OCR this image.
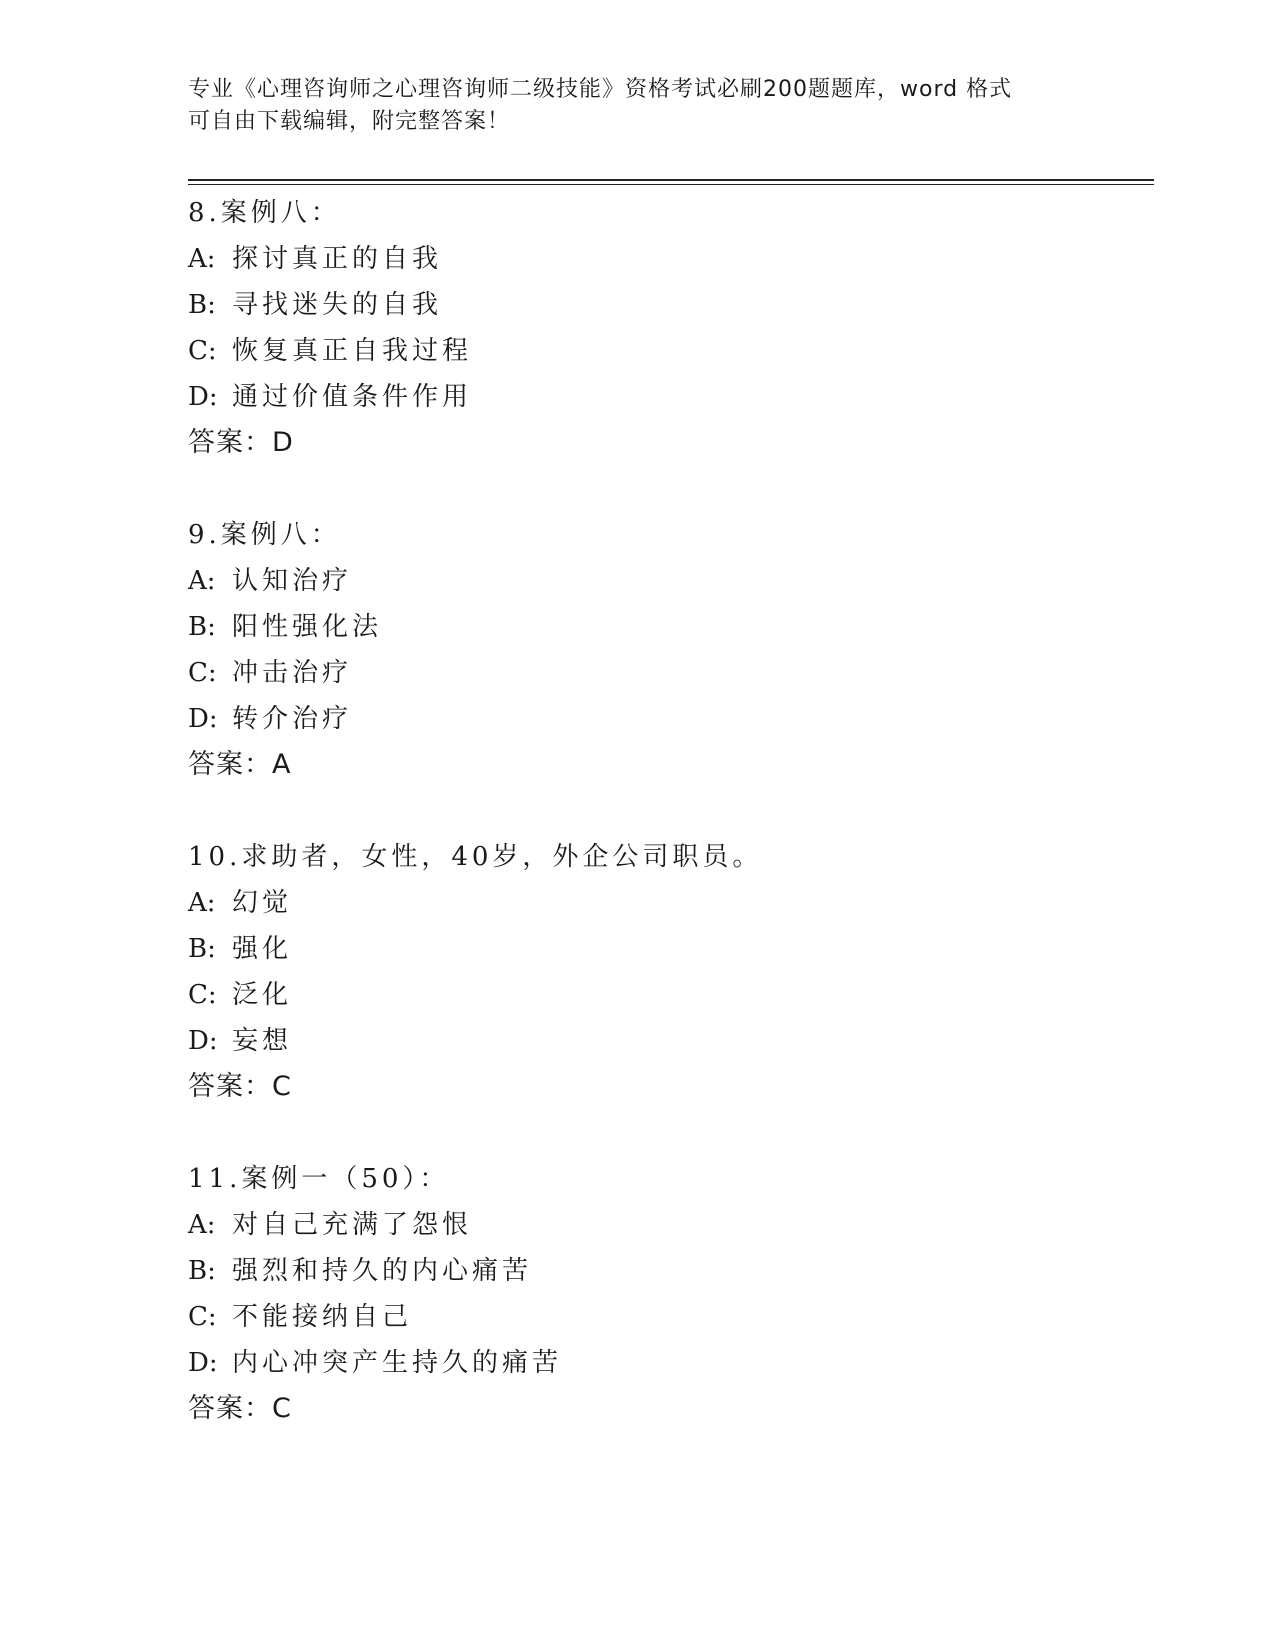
专业《心理咨询师之心理咨询师二级技能》资格考试必刷200题题库，word 格式
可自由下载编辑，附完整答案！
8.案例八：
A: 探讨真正的自我
B: 寻找迷失的自我
C: 恢复真正自我过程
D: 通过价值条件作用
答案：D
9.案例八：
A: 认知治疗
B: 阳性强化法
C: 冲击治疗
D: 转介治疗
答案：A
10.求助者，女性，40岁，外企公司职员。
A: 幻觉
B: 强化
C: 泛化
D: 妄想
答案：C
11.案例一（50）：
A: 对自己充满了怨恨
B: 强烈和持久的内心痛苦
C: 不能接纳自己
D: 内心冲突产生持久的痛苦
答案：C
